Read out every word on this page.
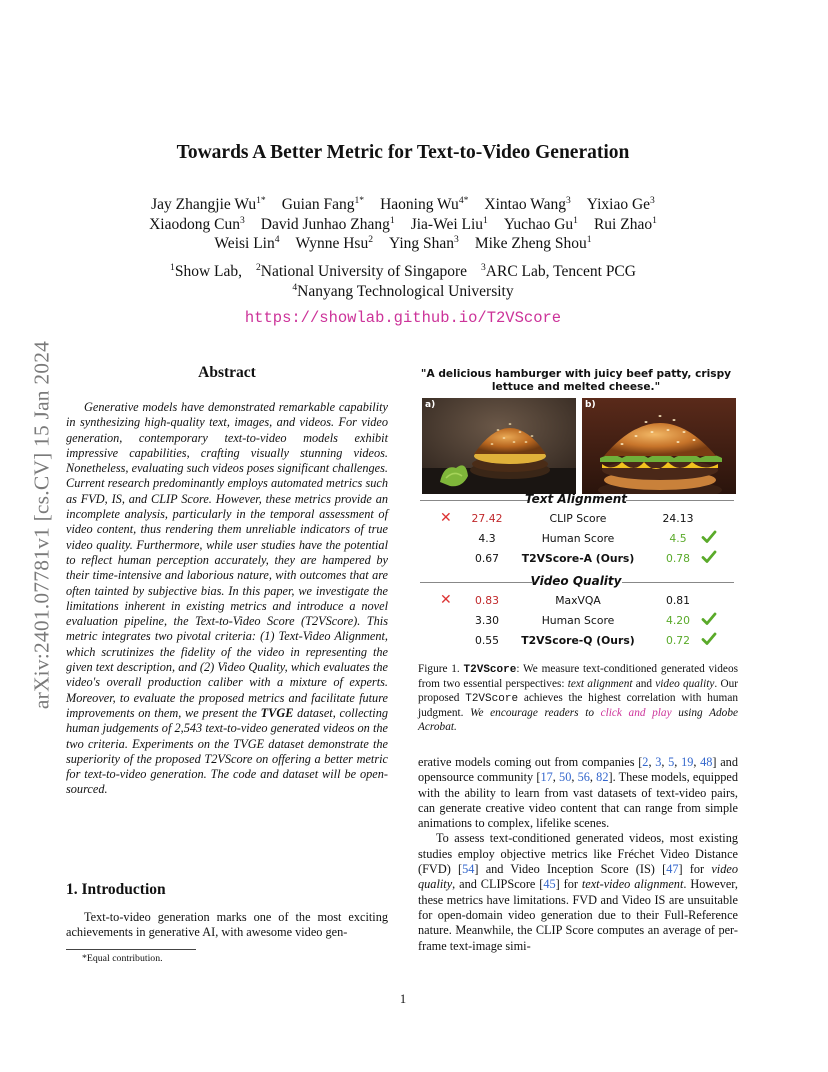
arXiv:2401.07781v1 [cs.CV] 15 Jan 2024
Towards A Better Metric for Text-to-Video Generation
Jay Zhangjie $Wu^{1*}$ Guian Fang$^{1*}$ Haoning $Wu^{4*}$ Xintao Wang$^3$ Yixiao Ge$^3$
Xiaodong Cun$^3$ David Junhao Zhang$^1$ Jia-Wei Liu$^1$ Yuchao Gu$^1$ Rui Zhao$^1$
Weisi Lin$^4$ Wynne Hsu$^2$ Ying Shan$^3$ Mike Zheng Shou$^1$
$^1$Show Lab, $^2$National University of Singapore $^3$ARC Lab, Tencent PCG
$^4$Nanyang Technological University
https://showlab.github.io/T2VScore
Abstract
Generative models have demonstrated remarkable capability in synthesizing high-quality text, images, and videos. For video generation, contemporary text-to-video models exhibit impressive capabilities, crafting visually stunning videos. Nonetheless, evaluating such videos poses significant challenges. Current research predominantly employs automated metrics such as FVD, IS, and CLIP Score. However, these metrics provide an incomplete analysis, particularly in the temporal assessment of video content, thus rendering them unreliable indicators of true video quality. Furthermore, while user studies have the potential to reflect human perception accurately, they are hampered by their time-intensive and laborious nature, with outcomes that are often tainted by subjective bias. In this paper, we investigate the limitations inherent in existing metrics and introduce a novel evaluation pipeline, the Text-to-Video Score (T2VScore). This metric integrates two pivotal criteria: (1) Text-Video Alignment, which scrutinizes the fidelity of the video in representing the given text description, and (2) Video Quality, which evaluates the video's overall production caliber with a mixture of experts. Moreover, to evaluate the proposed metrics and facilitate future improvements on them, we present the TVGE dataset, collecting human judgements of 2,543 text-to-video generated videos on the two criteria. Experiments on the TVGE dataset demonstrate the superiority of the proposed T2VScore on offering a better metric for text-to-video generation. The code and dataset will be open-sourced.
1. Introduction
Text-to-video generation marks one of the most exciting achievements in generative AI, with awesome video gen-
*Equal contribution.
1
"A delicious hamburger with juicy beef patty, crispy lettuce and melted cheese."
a)	b)
Text Alignment
27.42	CLIP Score	24.13
✕
4.3	Human Score	4.5
0.67	T2VScore-A (Ours)	0.78
Video Quality
0.83	MaxVQA	0.81
✕
3.30	Human Score	4.20
0.55	T2VScore-Q (Ours)	0.72
Figure 1. T2VScore: We measure text-conditioned generated videos from two essential perspectives: text alignment and video quality. Our proposed T2VScore achieves the highest correlation with human judgment. We encourage readers to click and play using Adobe Acrobat.

erative models coming out from companies [2, 3, 5, 19, 48] and opensource community [17, 50, 56, 82]. These models, equipped with the ability to learn from vast datasets of text-video pairs, can generate creative video content that can range from simple animations to complex, lifelike scenes.

To assess text-conditioned generated videos, most existing studies employ objective metrics like Fréchet Video Distance (FVD) [54] and Video Inception Score (IS) [47] for video quality, and CLIPScore [45] for text-video alignment. However, these metrics have limitations. FVD and Video IS are unsuitable for open-domain video generation due to their Full-Reference nature. Meanwhile, the CLIP Score computes an average of per-frame text-image simi-
